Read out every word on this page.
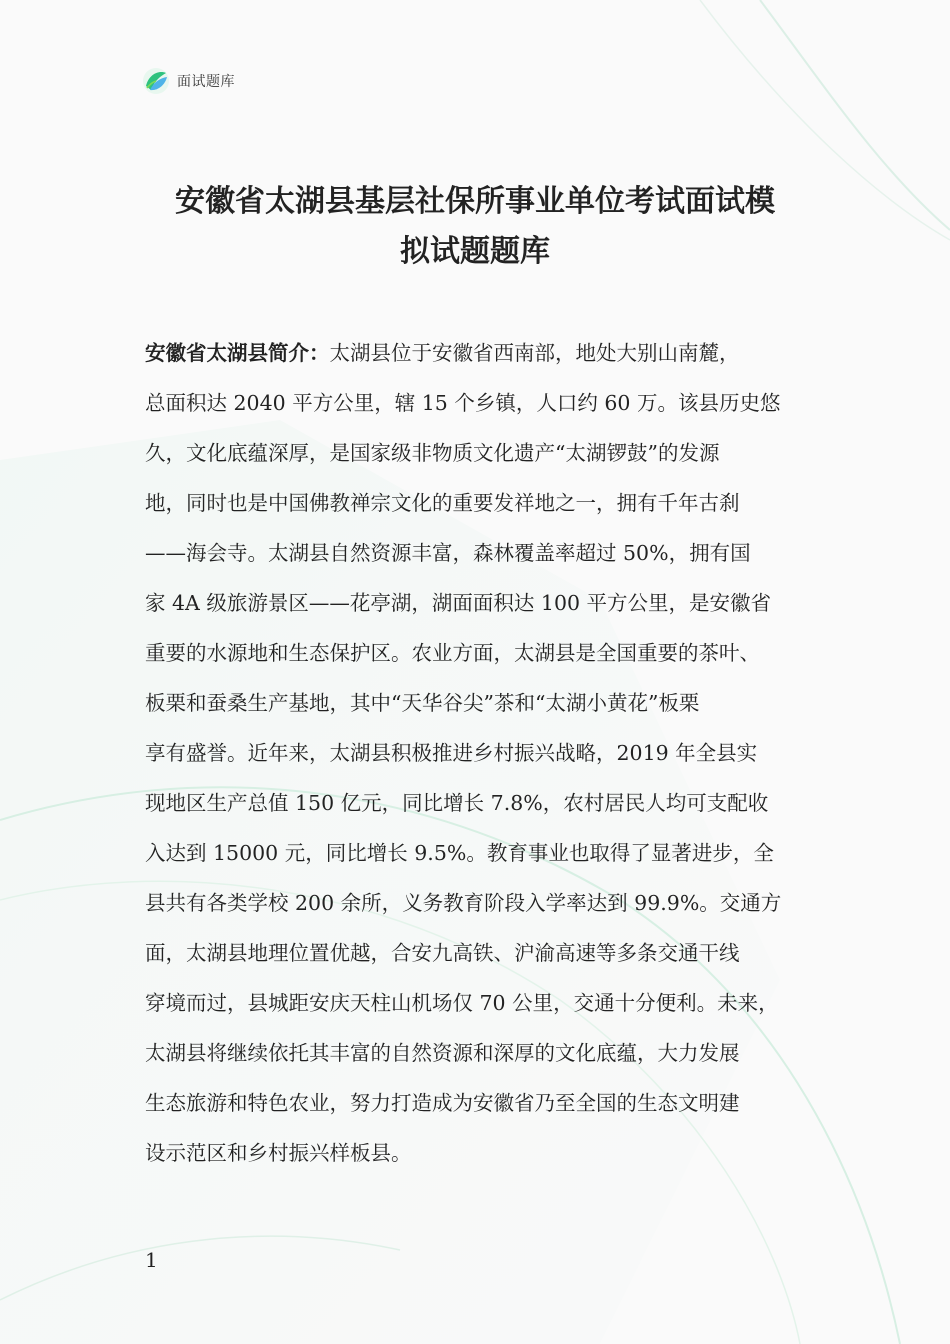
面试题库
安徽省太湖县基层社保所事业单位考试面试模
拟试题题库
安徽省太湖县简介：太湖县位于安徽省西南部，地处大别山南麓，
总面积达 2040 平方公里，辖 15 个乡镇，人口约 60 万。该县历史悠
久，文化底蕴深厚，是国家级非物质文化遗产“太湖锣鼓”的发源
地，同时也是中国佛教禅宗文化的重要发祥地之一，拥有千年古刹
——海会寺。太湖县自然资源丰富，森林覆盖率超过 50%，拥有国
家 4A 级旅游景区——花亭湖，湖面面积达 100 平方公里，是安徽省
重要的水源地和生态保护区。农业方面，太湖县是全国重要的茶叶、
板栗和蚕桑生产基地，其中“天华谷尖”茶和“太湖小黄花”板栗
享有盛誉。近年来，太湖县积极推进乡村振兴战略，2019 年全县实
现地区生产总值 150 亿元，同比增长 7.8%，农村居民人均可支配收
入达到 15000 元，同比增长 9.5%。教育事业也取得了显著进步，全
县共有各类学校 200 余所，义务教育阶段入学率达到 99.9%。交通方
面，太湖县地理位置优越，合安九高铁、沪渝高速等多条交通干线
穿境而过，县城距安庆天柱山机场仅 70 公里，交通十分便利。未来，
太湖县将继续依托其丰富的自然资源和深厚的文化底蕴，大力发展
生态旅游和特色农业，努力打造成为安徽省乃至全国的生态文明建
设示范区和乡村振兴样板县。
1
